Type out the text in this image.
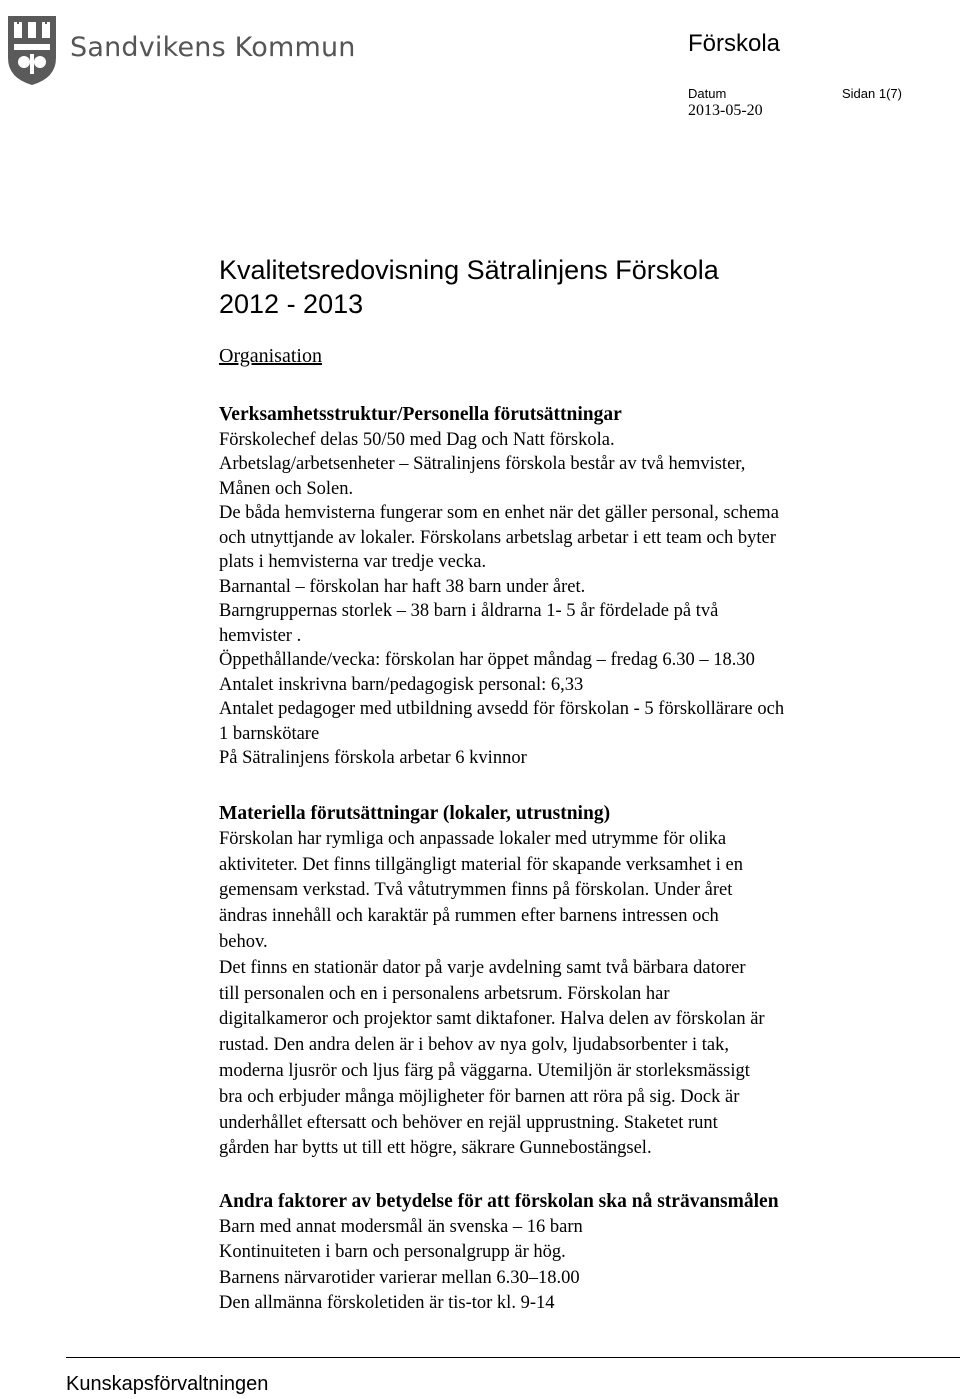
Sandvikens Kommun	Förskola
Datum	Sidan 1(7)
2013-05-20
Kvalitetsredovisning Sätralinjens Förskola
2012 - 2013
Organisation

Verksamhetsstruktur/Personella förutsättningar

Förskolechef delas 50/50 med Dag och Natt förskola.

Arbetslag/arbetsenheter – Sätralinjens förskola består av två hemvister,

Månen och Solen.

De båda hemvisterna fungerar som en enhet när det gäller personal, schema

och utnyttjande av lokaler. Förskolans arbetslag arbetar i ett team och byter

plats i hemvisterna var tredje vecka.

Barnantal – förskolan har haft 38 barn under året.

Barngruppernas storlek – 38 barn i åldrarna 1- 5 år fördelade på två

hemvister .

Öppethållande/vecka: förskolan har öppet måndag – fredag 6.30 – 18.30

Antalet inskrivna barn/pedagogisk personal: 6,33

Antalet pedagoger med utbildning avsedd för förskolan - 5 förskollärare och

1 barnskötare

På Sätralinjens förskola arbetar 6 kvinnor

Materiella förutsättningar (lokaler, utrustning)

Förskolan har rymliga och anpassade lokaler med utrymme för olika

aktiviteter. Det finns tillgängligt material för skapande verksamhet i en

gemensam verkstad. Två våtutrymmen finns på förskolan. Under året

ändras innehåll och karaktär på rummen efter barnens intressen och

behov.

Det finns en stationär dator på varje avdelning samt två bärbara datorer

till personalen och en i personalens arbetsrum. Förskolan har

digitalkameror och projektor samt diktafoner. Halva delen av förskolan är

rustad. Den andra delen är i behov av nya golv, ljudabsorbenter i tak,

moderna ljusrör och ljus färg på väggarna. Utemiljön är storleksmässigt

bra och erbjuder många möjligheter för barnen att röra på sig. Dock är

underhållet eftersatt och behöver en rejäl upprustning. Staketet runt

gården har bytts ut till ett högre, säkrare Gunnebostängsel.

Andra faktorer av betydelse för att förskolan ska nå strävansmålen

Barn med annat modersmål än svenska – 16 barn

Kontinuiteten i barn och personalgrupp är hög.

Barnens närvarotider varierar mellan 6.30–18.00

Den allmänna förskoletiden är tis-tor kl. 9-14

Kunskapsförvaltningen
